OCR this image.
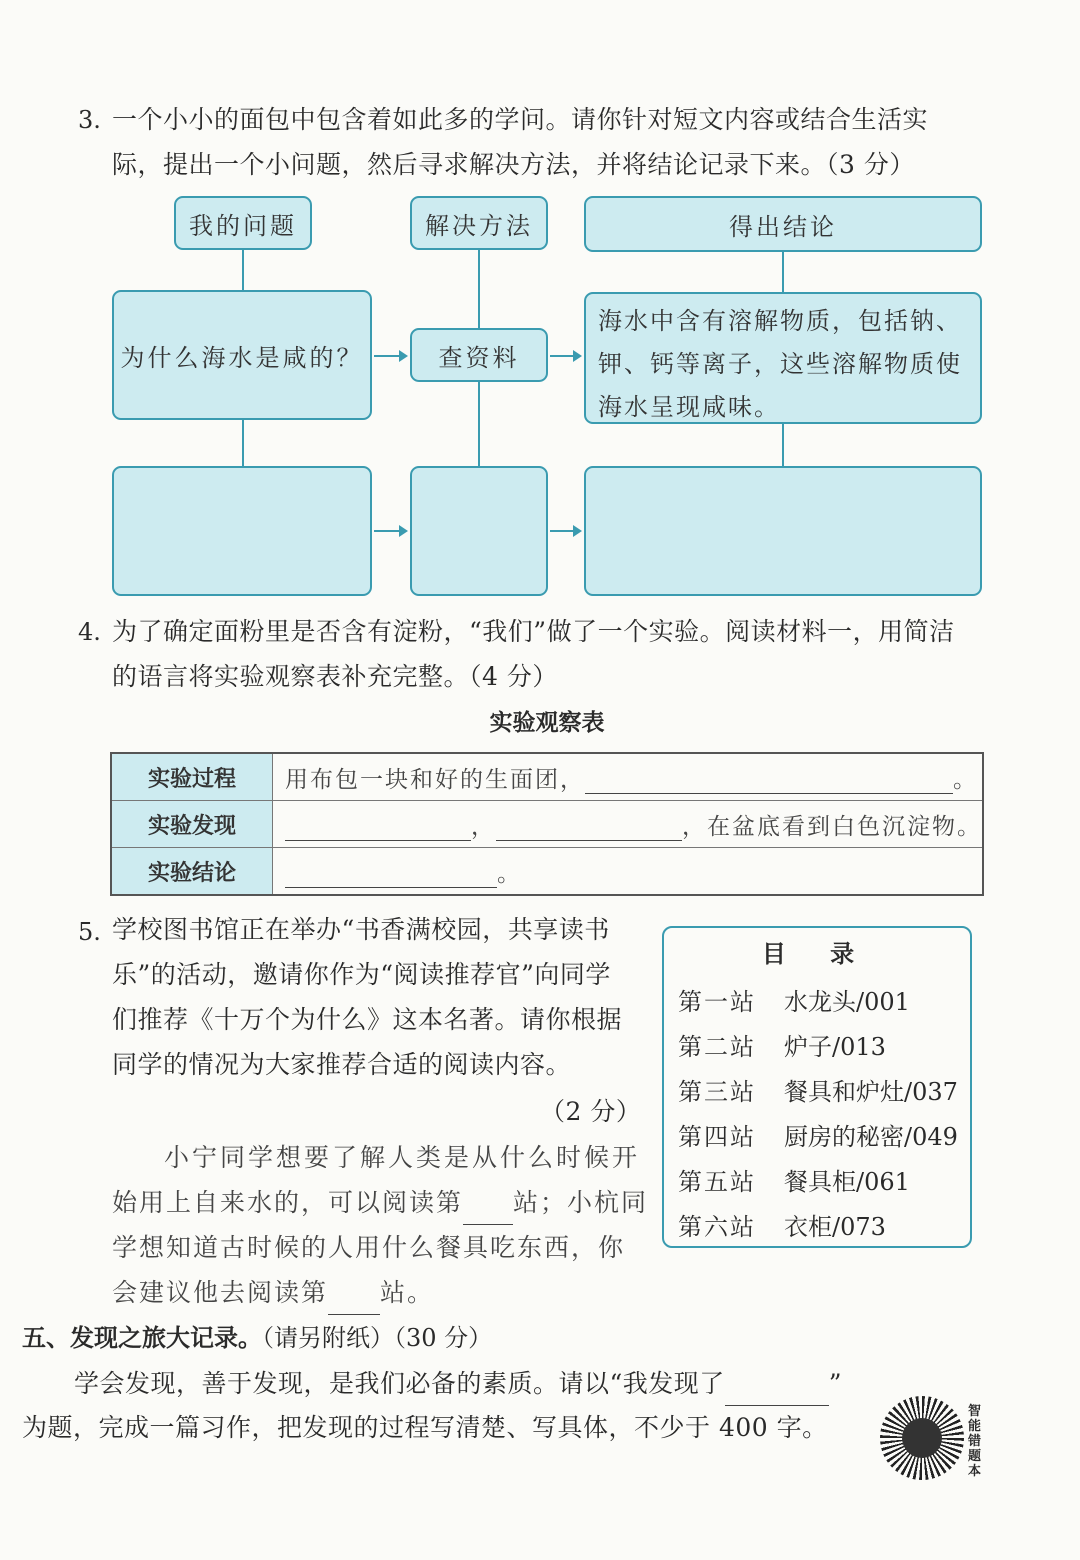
3. 一个小小的面包中包含着如此多的学问。请你针对短文内容或结合生活实
际，提出一个小问题，然后寻求解决方法，并将结论记录下来。（3 分）
我的问题	解决方法	得出结论
为什么海水是咸的？	查资料
海水中含有溶解物质，包括钠、
钾、钙等离子，这些溶解物质使
海水呈现咸味。
4. 为了确定面粉里是否含有淀粉，“我们”做了一个实验。阅读材料一，用简洁
的语言将实验观察表补充完整。（4 分）
实验观察表
实验过程	用布包一块和好的生面团， 。
实验发现	， ，在盆底看到白色沉淀物。
实验结论	。
5. 学校图书馆正在举办“书香满校园，共享读书
乐”的活动，邀请你作为“阅读推荐官”向同学
们推荐《十万个为什么》这本名著。请你根据
同学的情况为大家推荐合适的阅读内容。
（2 分）
小宁同学想要了解人类是从什么时候开
始用上自来水的，可以阅读第 站；小杭同
学想知道古时候的人用什么餐具吃东西，你
会建议他去阅读第 站。
目 录
第一站 水龙头/001
第二站 炉子/013
第三站 餐具和炉灶/037
第四站 厨房的秘密/049
第五站 餐具柜/061
第六站 衣柜/073
五、发现之旅大记录。（请另附纸）（30 分）
学会发现，善于发现，是我们必备的素质。请以“我发现了	”
为题，完成一篇习作，把发现的过程写清楚、写具体，不少于 400 字。
智能错题本
